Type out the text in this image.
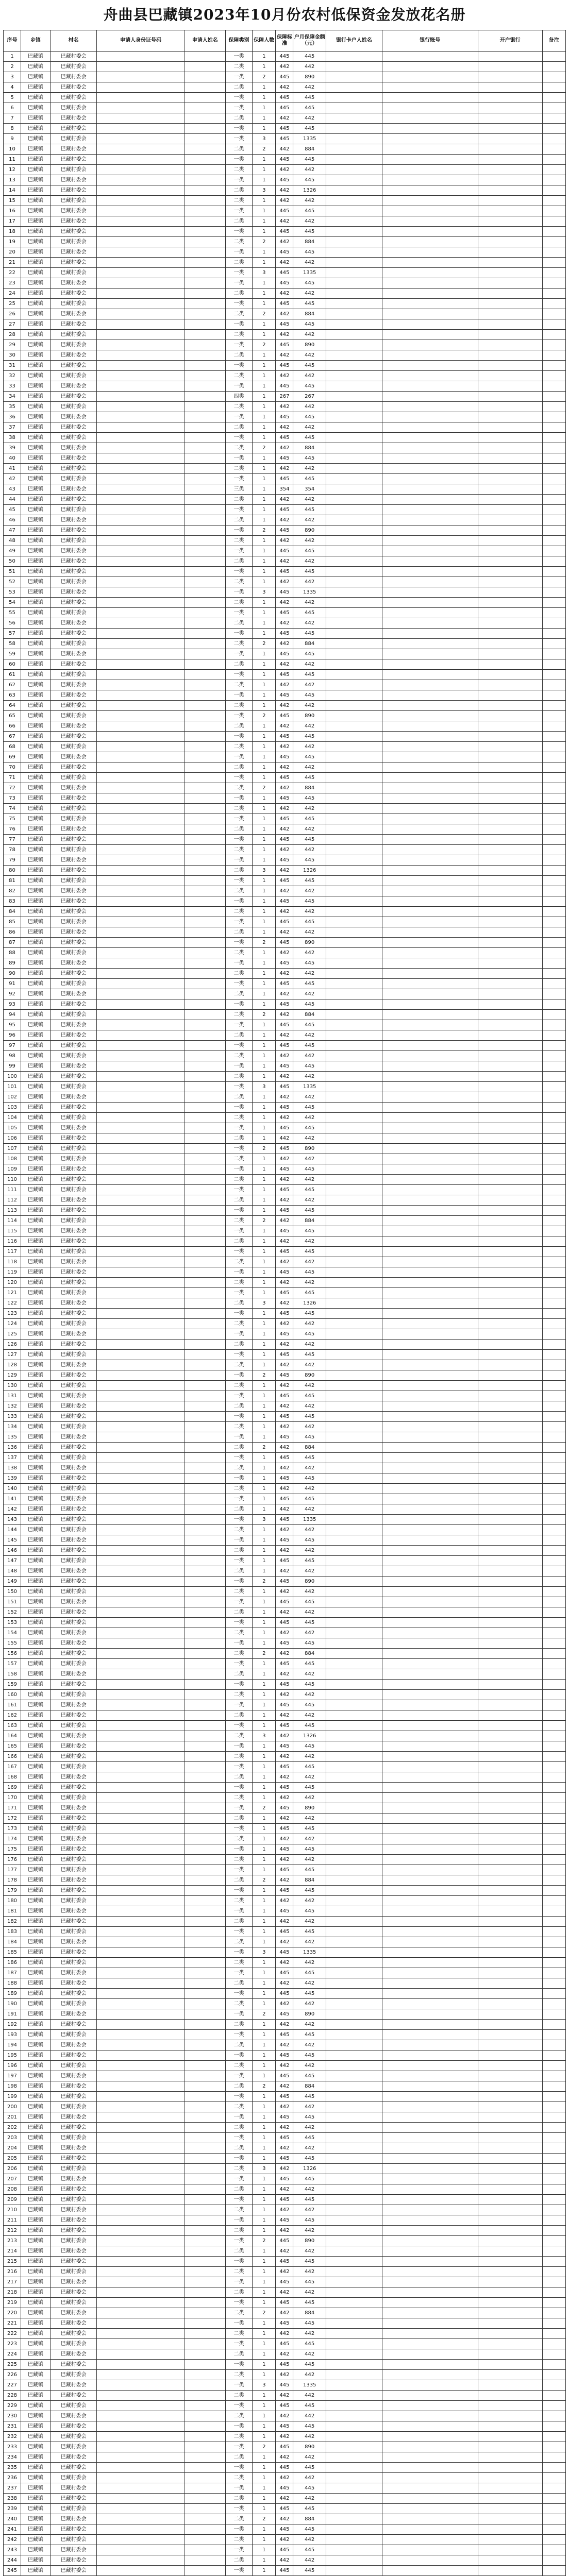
舟曲县巴藏镇2023年10月份农村低保资金发放花名册
序号	乡镇	村名	申请人身份证号码	申请人姓名	保障类别	保障人数	保障标准	户月保障金额（元）	银行卡户人姓名	银行账号	开户银行	备注
1	巴藏镇	巴藏村委会			一类	1	445	445				
2	巴藏镇	巴藏村委会			二类	1	442	442				
3	巴藏镇	巴藏村委会			一类	2	445	890				
4	巴藏镇	巴藏村委会			二类	1	442	442				
5	巴藏镇	巴藏村委会			一类	1	445	445				
6	巴藏镇	巴藏村委会			一类	1	445	445				
7	巴藏镇	巴藏村委会			二类	1	442	442				
8	巴藏镇	巴藏村委会			一类	1	445	445				
9	巴藏镇	巴藏村委会			一类	3	445	1335				
10	巴藏镇	巴藏村委会			二类	2	442	884				
11	巴藏镇	巴藏村委会			一类	1	445	445				
12	巴藏镇	巴藏村委会			二类	1	442	442				
13	巴藏镇	巴藏村委会			一类	1	445	445				
14	巴藏镇	巴藏村委会			二类	3	442	1326				
15	巴藏镇	巴藏村委会			二类	1	442	442				
16	巴藏镇	巴藏村委会			一类	1	445	445				
17	巴藏镇	巴藏村委会			二类	1	442	442				
18	巴藏镇	巴藏村委会			一类	1	445	445				
19	巴藏镇	巴藏村委会			二类	2	442	884				
20	巴藏镇	巴藏村委会			一类	1	445	445				
21	巴藏镇	巴藏村委会			二类	1	442	442				
22	巴藏镇	巴藏村委会			一类	3	445	1335				
23	巴藏镇	巴藏村委会			一类	1	445	445				
24	巴藏镇	巴藏村委会			二类	1	442	442				
25	巴藏镇	巴藏村委会			一类	1	445	445				
26	巴藏镇	巴藏村委会			二类	2	442	884				
27	巴藏镇	巴藏村委会			一类	1	445	445				
28	巴藏镇	巴藏村委会			二类	1	442	442				
29	巴藏镇	巴藏村委会			一类	2	445	890				
30	巴藏镇	巴藏村委会			二类	1	442	442				
31	巴藏镇	巴藏村委会			一类	1	445	445				
32	巴藏镇	巴藏村委会			二类	1	442	442				
33	巴藏镇	巴藏村委会			一类	1	445	445				
34	巴藏镇	巴藏村委会			四类	1	267	267				
35	巴藏镇	巴藏村委会			二类	1	442	442				
36	巴藏镇	巴藏村委会			一类	1	445	445				
37	巴藏镇	巴藏村委会			二类	1	442	442				
38	巴藏镇	巴藏村委会			一类	1	445	445				
39	巴藏镇	巴藏村委会			二类	2	442	884				
40	巴藏镇	巴藏村委会			一类	1	445	445				
41	巴藏镇	巴藏村委会			二类	1	442	442				
42	巴藏镇	巴藏村委会			一类	1	445	445				
43	巴藏镇	巴藏村委会			三类	1	354	354				
44	巴藏镇	巴藏村委会			二类	1	442	442				
45	巴藏镇	巴藏村委会			一类	1	445	445				
46	巴藏镇	巴藏村委会			二类	1	442	442				
47	巴藏镇	巴藏村委会			一类	2	445	890				
48	巴藏镇	巴藏村委会			二类	1	442	442				
49	巴藏镇	巴藏村委会			一类	1	445	445				
50	巴藏镇	巴藏村委会			二类	1	442	442				
51	巴藏镇	巴藏村委会			一类	1	445	445				
52	巴藏镇	巴藏村委会			二类	1	442	442				
53	巴藏镇	巴藏村委会			一类	3	445	1335				
54	巴藏镇	巴藏村委会			二类	1	442	442				
55	巴藏镇	巴藏村委会			一类	1	445	445				
56	巴藏镇	巴藏村委会			二类	1	442	442				
57	巴藏镇	巴藏村委会			一类	1	445	445				
58	巴藏镇	巴藏村委会			二类	2	442	884				
59	巴藏镇	巴藏村委会			一类	1	445	445				
60	巴藏镇	巴藏村委会			二类	1	442	442				
61	巴藏镇	巴藏村委会			一类	1	445	445				
62	巴藏镇	巴藏村委会			二类	1	442	442				
63	巴藏镇	巴藏村委会			一类	1	445	445				
64	巴藏镇	巴藏村委会			二类	1	442	442				
65	巴藏镇	巴藏村委会			一类	2	445	890				
66	巴藏镇	巴藏村委会			二类	1	442	442				
67	巴藏镇	巴藏村委会			一类	1	445	445				
68	巴藏镇	巴藏村委会			二类	1	442	442				
69	巴藏镇	巴藏村委会			一类	1	445	445				
70	巴藏镇	巴藏村委会			二类	1	442	442				
71	巴藏镇	巴藏村委会			一类	1	445	445				
72	巴藏镇	巴藏村委会			二类	2	442	884				
73	巴藏镇	巴藏村委会			一类	1	445	445				
74	巴藏镇	巴藏村委会			二类	1	442	442				
75	巴藏镇	巴藏村委会			一类	1	445	445				
76	巴藏镇	巴藏村委会			二类	1	442	442				
77	巴藏镇	巴藏村委会			一类	1	445	445				
78	巴藏镇	巴藏村委会			二类	1	442	442				
79	巴藏镇	巴藏村委会			一类	1	445	445				
80	巴藏镇	巴藏村委会			二类	3	442	1326				
81	巴藏镇	巴藏村委会			一类	1	445	445				
82	巴藏镇	巴藏村委会			二类	1	442	442				
83	巴藏镇	巴藏村委会			一类	1	445	445				
84	巴藏镇	巴藏村委会			二类	1	442	442				
85	巴藏镇	巴藏村委会			一类	1	445	445				
86	巴藏镇	巴藏村委会			二类	1	442	442				
87	巴藏镇	巴藏村委会			一类	2	445	890				
88	巴藏镇	巴藏村委会			二类	1	442	442				
89	巴藏镇	巴藏村委会			一类	1	445	445				
90	巴藏镇	巴藏村委会			二类	1	442	442				
91	巴藏镇	巴藏村委会			一类	1	445	445				
92	巴藏镇	巴藏村委会			二类	1	442	442				
93	巴藏镇	巴藏村委会			一类	1	445	445				
94	巴藏镇	巴藏村委会			二类	2	442	884				
95	巴藏镇	巴藏村委会			一类	1	445	445				
96	巴藏镇	巴藏村委会			二类	1	442	442				
97	巴藏镇	巴藏村委会			一类	1	445	445				
98	巴藏镇	巴藏村委会			二类	1	442	442				
99	巴藏镇	巴藏村委会			一类	1	445	445				
100	巴藏镇	巴藏村委会			二类	1	442	442				
101	巴藏镇	巴藏村委会			一类	3	445	1335				
102	巴藏镇	巴藏村委会			二类	1	442	442				
103	巴藏镇	巴藏村委会			一类	1	445	445				
104	巴藏镇	巴藏村委会			二类	1	442	442				
105	巴藏镇	巴藏村委会			一类	1	445	445				
106	巴藏镇	巴藏村委会			二类	1	442	442				
107	巴藏镇	巴藏村委会			一类	2	445	890				
108	巴藏镇	巴藏村委会			二类	1	442	442				
109	巴藏镇	巴藏村委会			一类	1	445	445				
110	巴藏镇	巴藏村委会			二类	1	442	442				
111	巴藏镇	巴藏村委会			一类	1	445	445				
112	巴藏镇	巴藏村委会			二类	1	442	442				
113	巴藏镇	巴藏村委会			一类	1	445	445				
114	巴藏镇	巴藏村委会			二类	2	442	884				
115	巴藏镇	巴藏村委会			一类	1	445	445				
116	巴藏镇	巴藏村委会			二类	1	442	442				
117	巴藏镇	巴藏村委会			一类	1	445	445				
118	巴藏镇	巴藏村委会			二类	1	442	442				
119	巴藏镇	巴藏村委会			一类	1	445	445				
120	巴藏镇	巴藏村委会			二类	1	442	442				
121	巴藏镇	巴藏村委会			一类	1	445	445				
122	巴藏镇	巴藏村委会			二类	3	442	1326				
123	巴藏镇	巴藏村委会			一类	1	445	445				
124	巴藏镇	巴藏村委会			二类	1	442	442				
125	巴藏镇	巴藏村委会			一类	1	445	445				
126	巴藏镇	巴藏村委会			二类	1	442	442				
127	巴藏镇	巴藏村委会			一类	1	445	445				
128	巴藏镇	巴藏村委会			二类	1	442	442				
129	巴藏镇	巴藏村委会			一类	2	445	890				
130	巴藏镇	巴藏村委会			二类	1	442	442				
131	巴藏镇	巴藏村委会			一类	1	445	445				
132	巴藏镇	巴藏村委会			二类	1	442	442				
133	巴藏镇	巴藏村委会			一类	1	445	445				
134	巴藏镇	巴藏村委会			二类	1	442	442				
135	巴藏镇	巴藏村委会			一类	1	445	445				
136	巴藏镇	巴藏村委会			二类	2	442	884				
137	巴藏镇	巴藏村委会			一类	1	445	445				
138	巴藏镇	巴藏村委会			二类	1	442	442				
139	巴藏镇	巴藏村委会			一类	1	445	445				
140	巴藏镇	巴藏村委会			二类	1	442	442				
141	巴藏镇	巴藏村委会			一类	1	445	445				
142	巴藏镇	巴藏村委会			二类	1	442	442				
143	巴藏镇	巴藏村委会			一类	3	445	1335				
144	巴藏镇	巴藏村委会			二类	1	442	442				
145	巴藏镇	巴藏村委会			一类	1	445	445				
146	巴藏镇	巴藏村委会			二类	1	442	442				
147	巴藏镇	巴藏村委会			一类	1	445	445				
148	巴藏镇	巴藏村委会			二类	1	442	442				
149	巴藏镇	巴藏村委会			一类	2	445	890				
150	巴藏镇	巴藏村委会			二类	1	442	442				
151	巴藏镇	巴藏村委会			一类	1	445	445				
152	巴藏镇	巴藏村委会			二类	1	442	442				
153	巴藏镇	巴藏村委会			一类	1	445	445				
154	巴藏镇	巴藏村委会			二类	1	442	442				
155	巴藏镇	巴藏村委会			一类	1	445	445				
156	巴藏镇	巴藏村委会			二类	2	442	884				
157	巴藏镇	巴藏村委会			一类	1	445	445				
158	巴藏镇	巴藏村委会			二类	1	442	442				
159	巴藏镇	巴藏村委会			一类	1	445	445				
160	巴藏镇	巴藏村委会			二类	1	442	442				
161	巴藏镇	巴藏村委会			一类	1	445	445				
162	巴藏镇	巴藏村委会			二类	1	442	442				
163	巴藏镇	巴藏村委会			一类	1	445	445				
164	巴藏镇	巴藏村委会			二类	3	442	1326				
165	巴藏镇	巴藏村委会			一类	1	445	445				
166	巴藏镇	巴藏村委会			二类	1	442	442				
167	巴藏镇	巴藏村委会			一类	1	445	445				
168	巴藏镇	巴藏村委会			二类	1	442	442				
169	巴藏镇	巴藏村委会			一类	1	445	445				
170	巴藏镇	巴藏村委会			二类	1	442	442				
171	巴藏镇	巴藏村委会			一类	2	445	890				
172	巴藏镇	巴藏村委会			二类	1	442	442				
173	巴藏镇	巴藏村委会			一类	1	445	445				
174	巴藏镇	巴藏村委会			二类	1	442	442				
175	巴藏镇	巴藏村委会			一类	1	445	445				
176	巴藏镇	巴藏村委会			二类	1	442	442				
177	巴藏镇	巴藏村委会			一类	1	445	445				
178	巴藏镇	巴藏村委会			二类	2	442	884				
179	巴藏镇	巴藏村委会			一类	1	445	445				
180	巴藏镇	巴藏村委会			二类	1	442	442				
181	巴藏镇	巴藏村委会			一类	1	445	445				
182	巴藏镇	巴藏村委会			二类	1	442	442				
183	巴藏镇	巴藏村委会			一类	1	445	445				
184	巴藏镇	巴藏村委会			二类	1	442	442				
185	巴藏镇	巴藏村委会			一类	3	445	1335				
186	巴藏镇	巴藏村委会			二类	1	442	442				
187	巴藏镇	巴藏村委会			一类	1	445	445				
188	巴藏镇	巴藏村委会			二类	1	442	442				
189	巴藏镇	巴藏村委会			一类	1	445	445				
190	巴藏镇	巴藏村委会			二类	1	442	442				
191	巴藏镇	巴藏村委会			一类	2	445	890				
192	巴藏镇	巴藏村委会			二类	1	442	442				
193	巴藏镇	巴藏村委会			一类	1	445	445				
194	巴藏镇	巴藏村委会			二类	1	442	442				
195	巴藏镇	巴藏村委会			一类	1	445	445				
196	巴藏镇	巴藏村委会			二类	1	442	442				
197	巴藏镇	巴藏村委会			一类	1	445	445				
198	巴藏镇	巴藏村委会			二类	2	442	884				
199	巴藏镇	巴藏村委会			一类	1	445	445				
200	巴藏镇	巴藏村委会			二类	1	442	442				
201	巴藏镇	巴藏村委会			一类	1	445	445				
202	巴藏镇	巴藏村委会			二类	1	442	442				
203	巴藏镇	巴藏村委会			一类	1	445	445				
204	巴藏镇	巴藏村委会			二类	1	442	442				
205	巴藏镇	巴藏村委会			一类	1	445	445				
206	巴藏镇	巴藏村委会			二类	3	442	1326				
207	巴藏镇	巴藏村委会			一类	1	445	445				
208	巴藏镇	巴藏村委会			二类	1	442	442				
209	巴藏镇	巴藏村委会			一类	1	445	445				
210	巴藏镇	巴藏村委会			二类	1	442	442				
211	巴藏镇	巴藏村委会			一类	1	445	445				
212	巴藏镇	巴藏村委会			二类	1	442	442				
213	巴藏镇	巴藏村委会			一类	2	445	890				
214	巴藏镇	巴藏村委会			二类	1	442	442				
215	巴藏镇	巴藏村委会			一类	1	445	445				
216	巴藏镇	巴藏村委会			二类	1	442	442				
217	巴藏镇	巴藏村委会			一类	1	445	445				
218	巴藏镇	巴藏村委会			二类	1	442	442				
219	巴藏镇	巴藏村委会			一类	1	445	445				
220	巴藏镇	巴藏村委会			二类	2	442	884				
221	巴藏镇	巴藏村委会			一类	1	445	445				
222	巴藏镇	巴藏村委会			二类	1	442	442				
223	巴藏镇	巴藏村委会			一类	1	445	445				
224	巴藏镇	巴藏村委会			二类	1	442	442				
225	巴藏镇	巴藏村委会			一类	1	445	445				
226	巴藏镇	巴藏村委会			二类	1	442	442				
227	巴藏镇	巴藏村委会			一类	3	445	1335				
228	巴藏镇	巴藏村委会			二类	1	442	442				
229	巴藏镇	巴藏村委会			一类	1	445	445				
230	巴藏镇	巴藏村委会			二类	1	442	442				
231	巴藏镇	巴藏村委会			一类	1	445	445				
232	巴藏镇	巴藏村委会			二类	1	442	442				
233	巴藏镇	巴藏村委会			一类	2	445	890				
234	巴藏镇	巴藏村委会			二类	1	442	442				
235	巴藏镇	巴藏村委会			一类	1	445	445				
236	巴藏镇	巴藏村委会			二类	1	442	442				
237	巴藏镇	巴藏村委会			一类	1	445	445				
238	巴藏镇	巴藏村委会			二类	1	442	442				
239	巴藏镇	巴藏村委会			一类	1	445	445				
240	巴藏镇	巴藏村委会			二类	2	442	884				
241	巴藏镇	巴藏村委会			一类	1	445	445				
242	巴藏镇	巴藏村委会			二类	1	442	442				
243	巴藏镇	巴藏村委会			一类	1	445	445				
244	巴藏镇	巴藏村委会			二类	1	442	442				
245	巴藏镇	巴藏村委会			一类	1	445	445				
